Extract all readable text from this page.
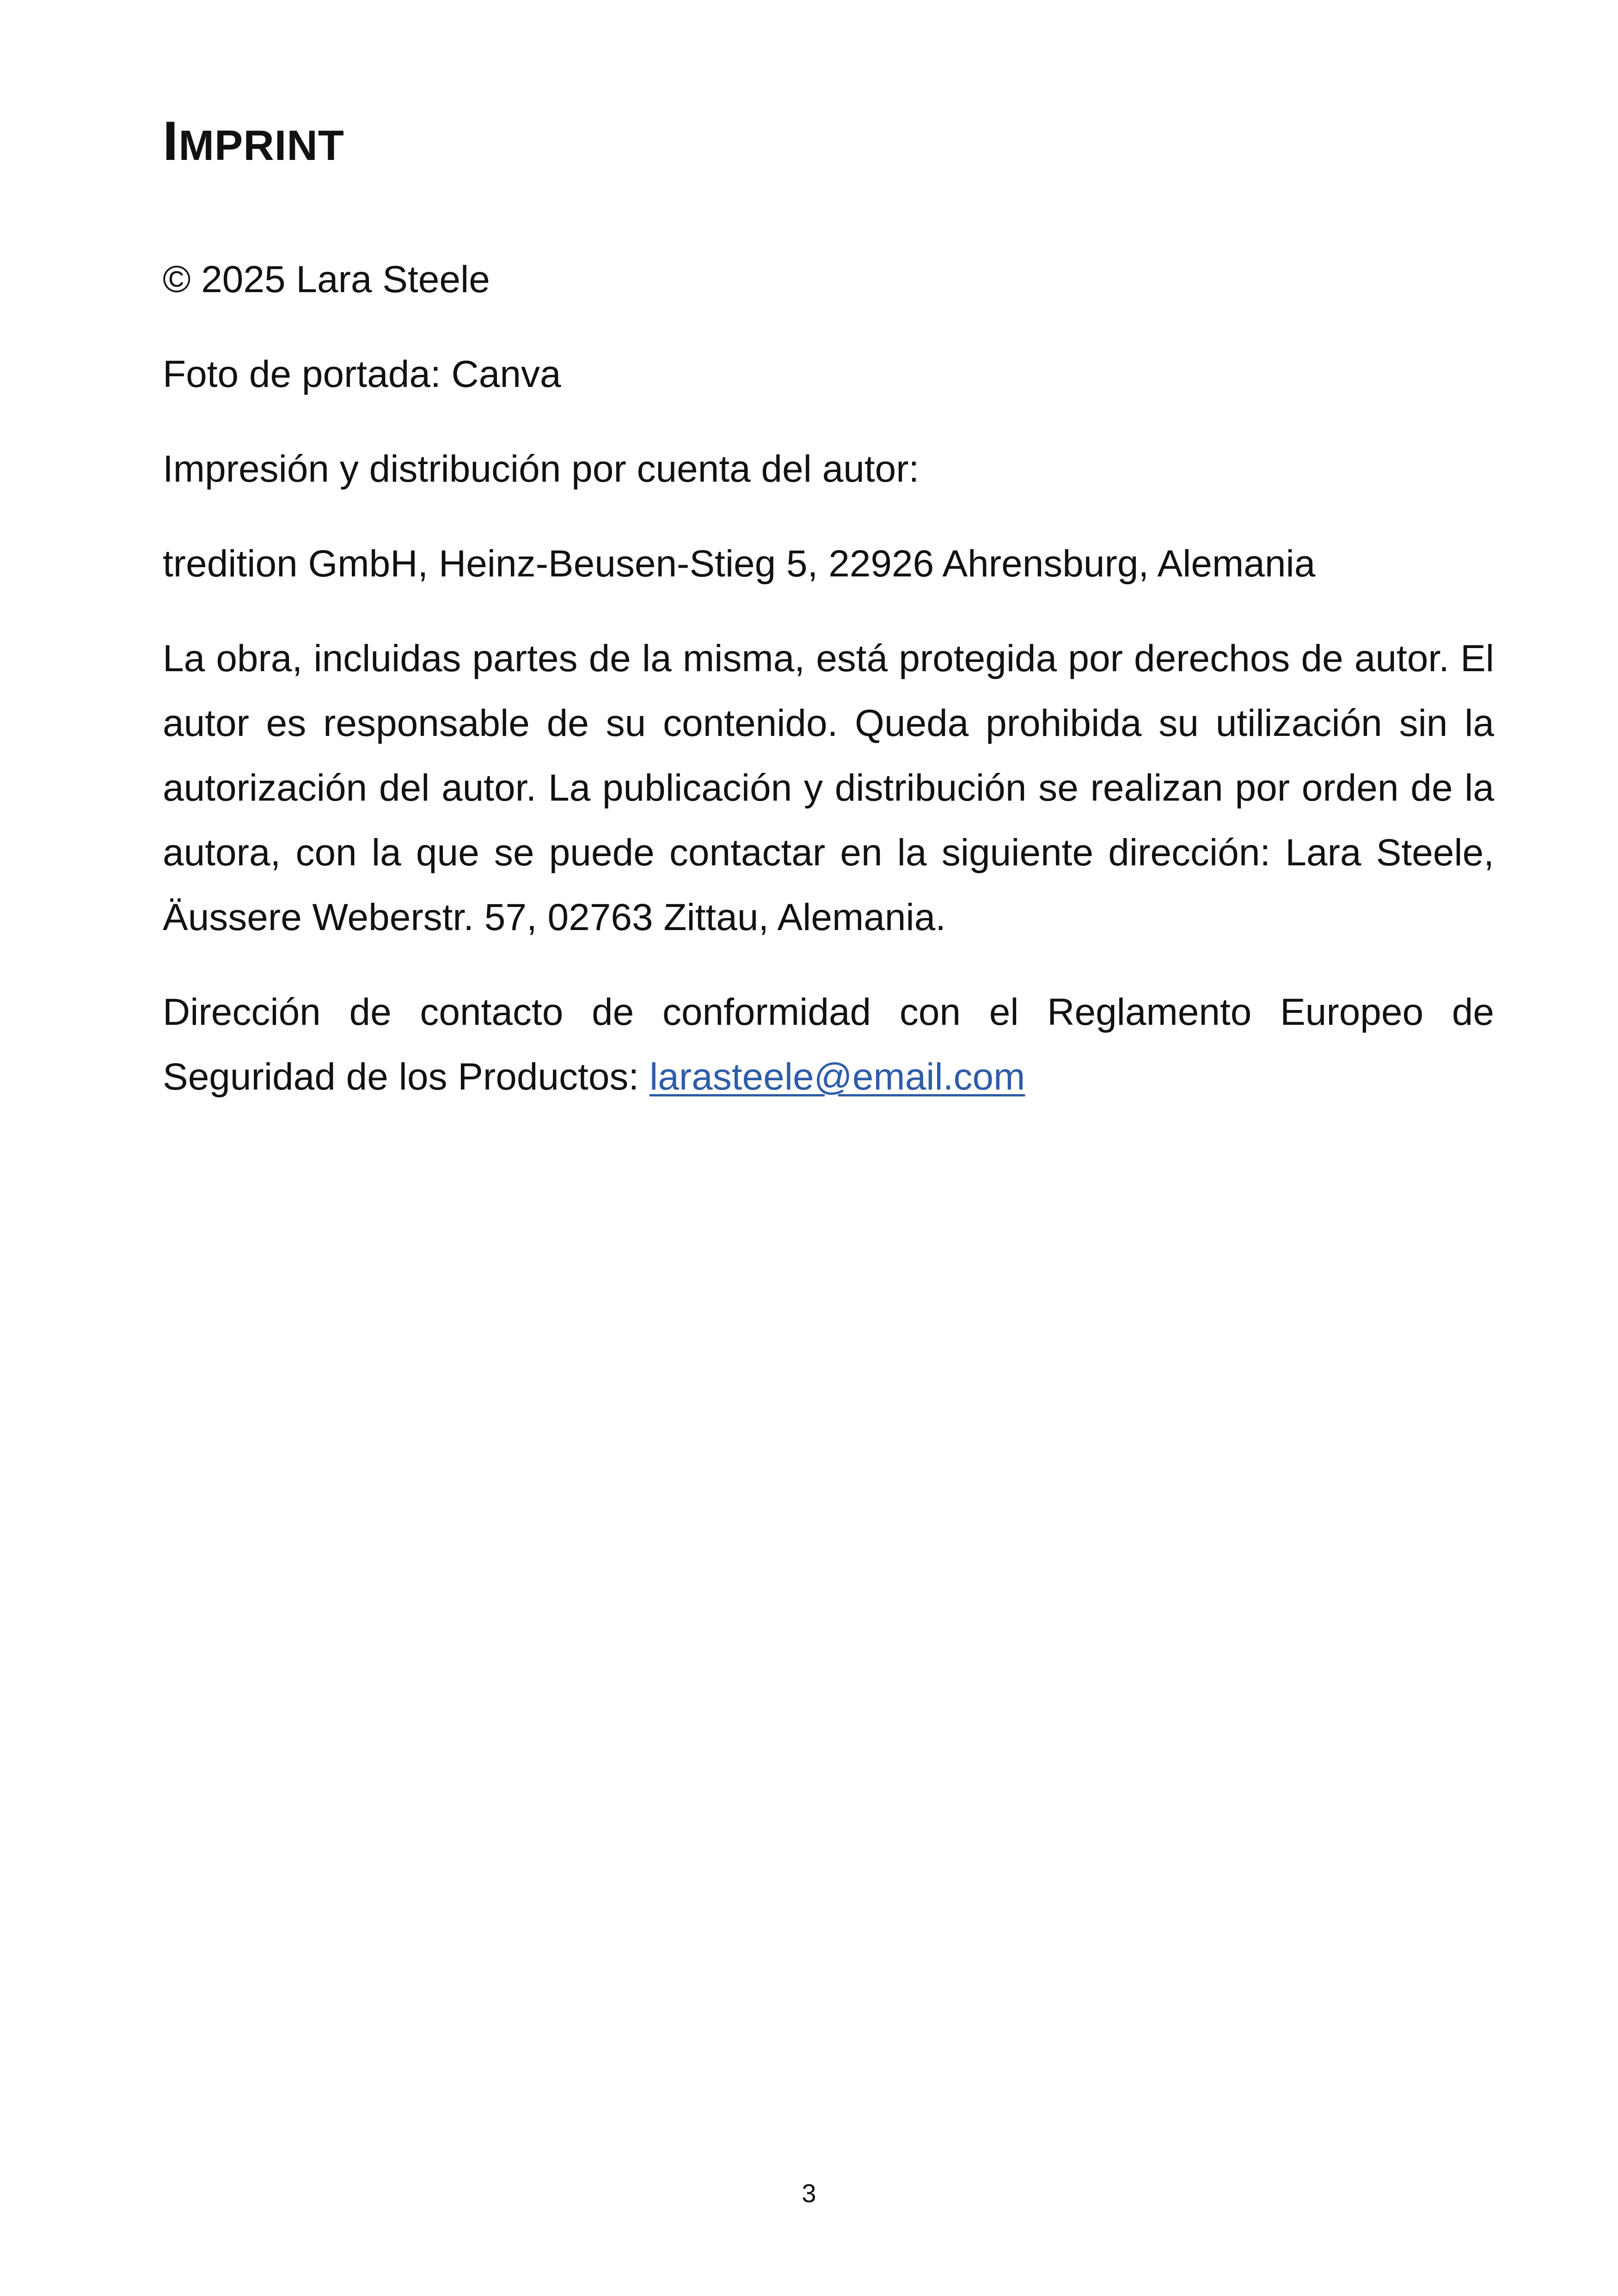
IMPRINT

© 2025 Lara Steele

Foto de portada: Canva

Impresión y distribución por cuenta del autor:

tredition GmbH, Heinz-Beusen-Stieg 5, 22926 Ahrensburg, Alemania

La obra, incluidas partes de la misma, está protegida por derechos de autor. El autor es responsable de su contenido. Queda prohibida su utilización sin la autorización del autor. La publicación y distribución se realizan por orden de la autora, con la que se puede contactar en la siguiente dirección: Lara Steele, Äussere Weberstr. 57, 02763 Zittau, Alemania.

Dirección de contacto de conformidad con el Reglamento Europeo de Seguridad de los Productos: larasteele@email.com

3
